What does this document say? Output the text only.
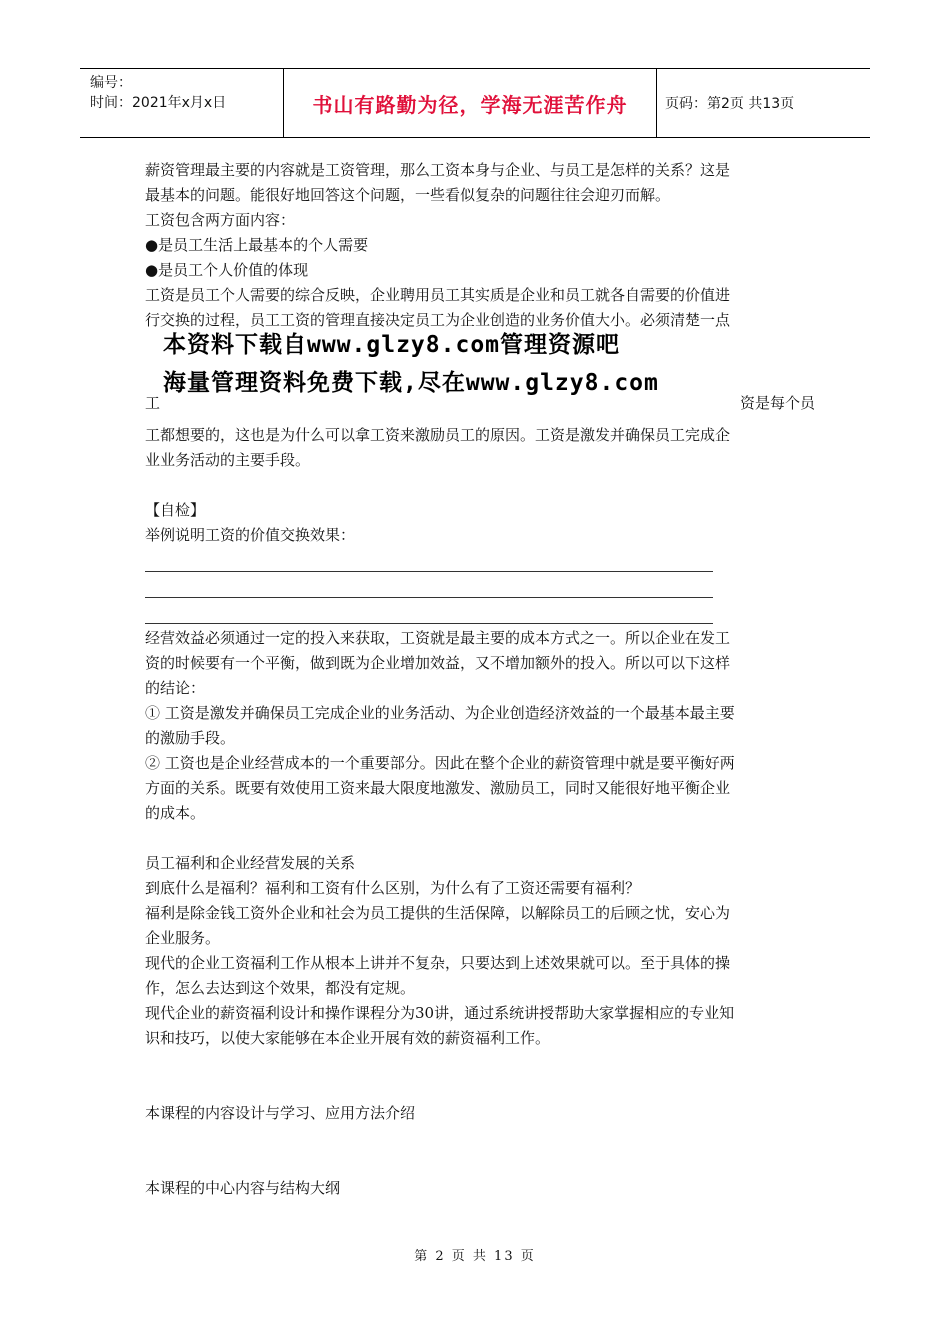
编号：
时间：2021年x月x日	书山有路勤为径，学海无涯苦作舟	页码：第2页 共13页

薪资管理最主要的内容就是工资管理，那么工资本身与企业、与员工是怎样的关系？这是

最基本的问题。能很好地回答这个问题，一些看似复杂的问题往往会迎刃而解。

工资包含两方面内容：

●是员工生活上最基本的个人需要

●是员工个人价值的体现

工资是员工个人需要的综合反映，企业聘用员工其实质是企业和员工就各自需要的价值进

行交换的过程，员工工资的管理直接决定员工为企业创造的业务价值大小。必须清楚一点

本资料下载自www.glzy8.com管理资源吧
海量管理资料免费下载,尽在www.glzy8.com
工	资是每个员

工都想要的，这也是为什么可以拿工资来激励员工的原因。工资是激发并确保员工完成企

业业务活动的主要手段。

【自检】

举例说明工资的价值交换效果：

经营效益必须通过一定的投入来获取，工资就是最主要的成本方式之一。所以企业在发工

资的时候要有一个平衡，做到既为企业增加效益，又不增加额外的投入。所以可以下这样

的结论：

① 工资是激发并确保员工完成企业的业务活动、为企业创造经济效益的一个最基本最主要

的激励手段。

② 工资也是企业经营成本的一个重要部分。因此在整个企业的薪资管理中就是要平衡好两

方面的关系。既要有效使用工资来最大限度地激发、激励员工，同时又能很好地平衡企业

的成本。

员工福利和企业经营发展的关系

到底什么是福利？福利和工资有什么区别，为什么有了工资还需要有福利？

福利是除金钱工资外企业和社会为员工提供的生活保障，以解除员工的后顾之忧，安心为

企业服务。

现代的企业工资福利工作从根本上讲并不复杂，只要达到上述效果就可以。至于具体的操

作，怎么去达到这个效果，都没有定规。

现代企业的薪资福利设计和操作课程分为30讲，通过系统讲授帮助大家掌握相应的专业知

识和技巧，以使大家能够在本企业开展有效的薪资福利工作。

本课程的内容设计与学习、应用方法介绍

本课程的中心内容与结构大纲

第 2 页 共 13 页
